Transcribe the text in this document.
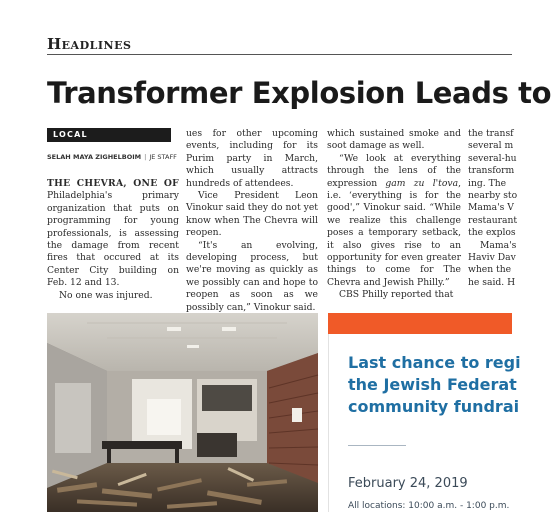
Headlines
Transformer Explosion Leads to
LOCAL
SELAH MAYA ZIGHELBOIM | JE STAFF

THE CHEVRA, ONE OF Philadelphia's primary organization that puts on programming for young professionals, is assessing the damage from recent fires that occured at its Center City building on Feb. 12 and 13.

No one was injured.

ues for other upcoming events, including for its Purim party in March, which usually attracts hundreds of attendees.

Vice President Leon Vinokur said they do not yet know when The Chevra will reopen.

“It's an evolving, developing process, but we're moving as quickly as we possibly can and hope to reopen as soon as we possibly can,” Vinokur said.

which sustained smoke and soot damage as well.

“We look at everything through the lens of the expression gam zu l'tova, i.e. ‘everything is for the good',” Vinokur said. “While we realize this challenge poses a temporary setback, it also gives rise to an opportunity for even greater things to come for The Chevra and Jewish Philly.”

CBS Philly reported that

the transf
several m
several-hu
transform
ing. The
nearby sto
Mama's V
restaurant
the explos
Mama's
Haviv Dav
when the
he said. H
Last chance to regi
the Jewish Federat
community fundrai
February 24, 2019
All locations: 10:00 a.m. - 1:00 p.m.
